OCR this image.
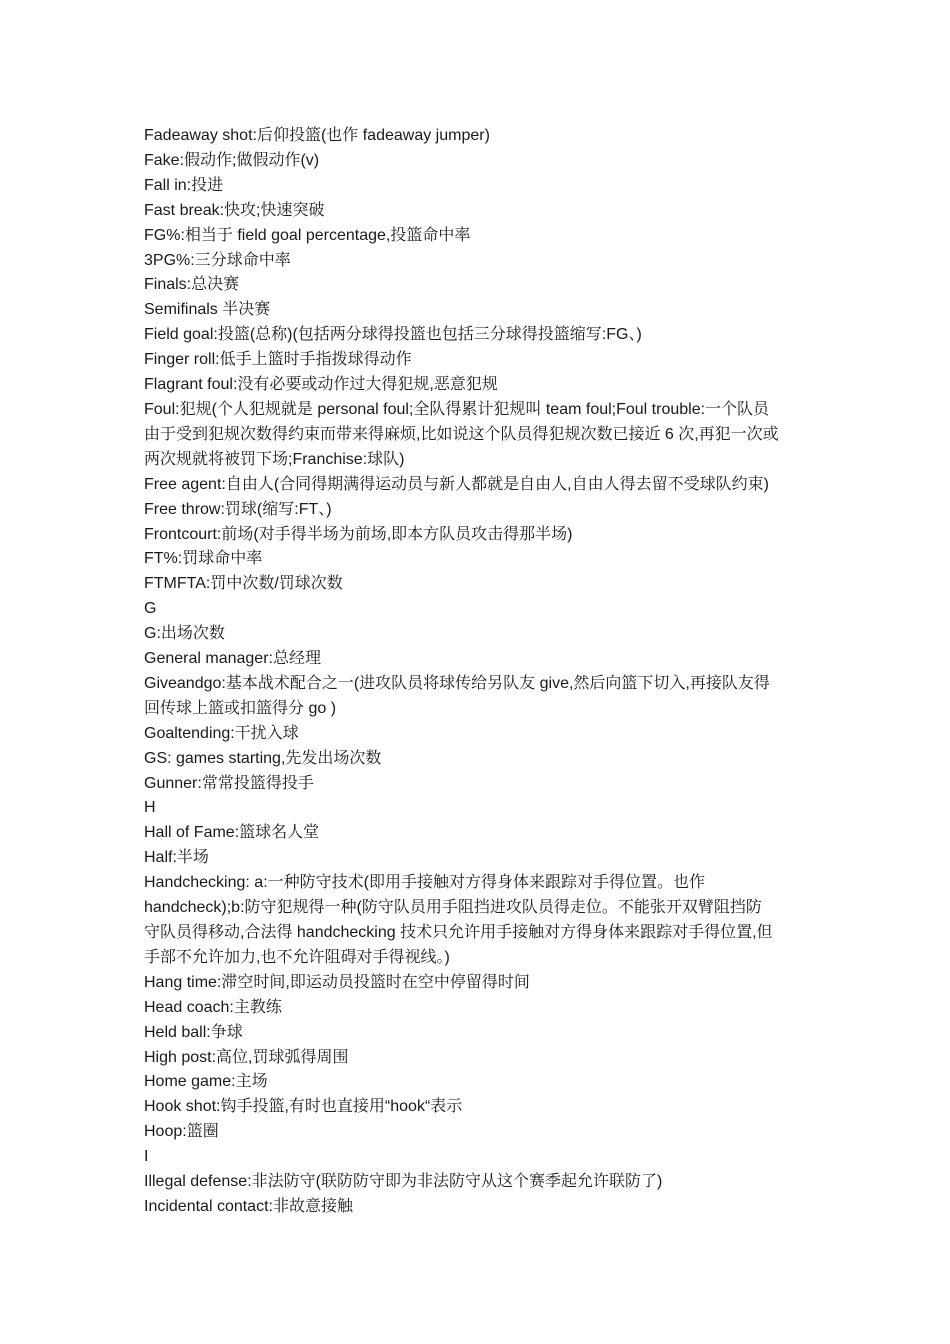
Fadeaway shot:后仰投篮(也作 fadeaway jumper)
Fake:假动作;做假动作(v)
Fall in:投进
Fast break:快攻;快速突破
FG%:相当于 field goal percentage,投篮命中率
3PG%:三分球命中率
Finals:总决赛
Semifinals 半决赛
Field goal:投篮(总称)(包括两分球得投篮也包括三分球得投篮缩写:FG、)
Finger roll:低手上篮时手指拨球得动作
Flagrant foul:没有必要或动作过大得犯规,恶意犯规
Foul:犯规(个人犯规就是 personal foul;全队得累计犯规叫 team foul;Foul trouble:一个队员
由于受到犯规次数得约束而带来得麻烦,比如说这个队员得犯规次数已接近 6 次,再犯一次或
两次规就将被罚下场;Franchise:球队)
Free agent:自由人(合同得期满得运动员与新人都就是自由人,自由人得去留不受球队约束)
Free throw:罚球(缩写:FT、)
Frontcourt:前场(对手得半场为前场,即本方队员攻击得那半场)
FT%:罚球命中率
FTMFTA:罚中次数/罚球次数
G
G:出场次数
General manager:总经理
Giveandgo:基本战术配合之一(进攻队员将球传给另队友 give,然后向篮下切入,再接队友得
回传球上篮或扣篮得分 go )
Goaltending:干扰入球
GS: games starting,先发出场次数
Gunner:常常投篮得投手
H
Hall of Fame:篮球名人堂
Half:半场
Handchecking: a:一种防守技术(即用手接触对方得身体来跟踪对手得位置。也作
handcheck);b:防守犯规得一种(防守队员用手阻挡进攻队员得走位。不能张开双臂阻挡防
守队员得移动,合法得 handchecking 技术只允许用手接触对方得身体来跟踪对手得位置,但
手部不允许加力,也不允许阻碍对手得视线。)
Hang time:滞空时间,即运动员投篮时在空中停留得时间
Head coach:主教练
Held ball:争球
High post:高位,罚球弧得周围
Home game:主场
Hook shot:钩手投篮,有时也直接用“hook“表示
Hoop:篮圈
I
Illegal defense:非法防守(联防防守即为非法防守从这个赛季起允许联防了)
Incidental contact:非故意接触
